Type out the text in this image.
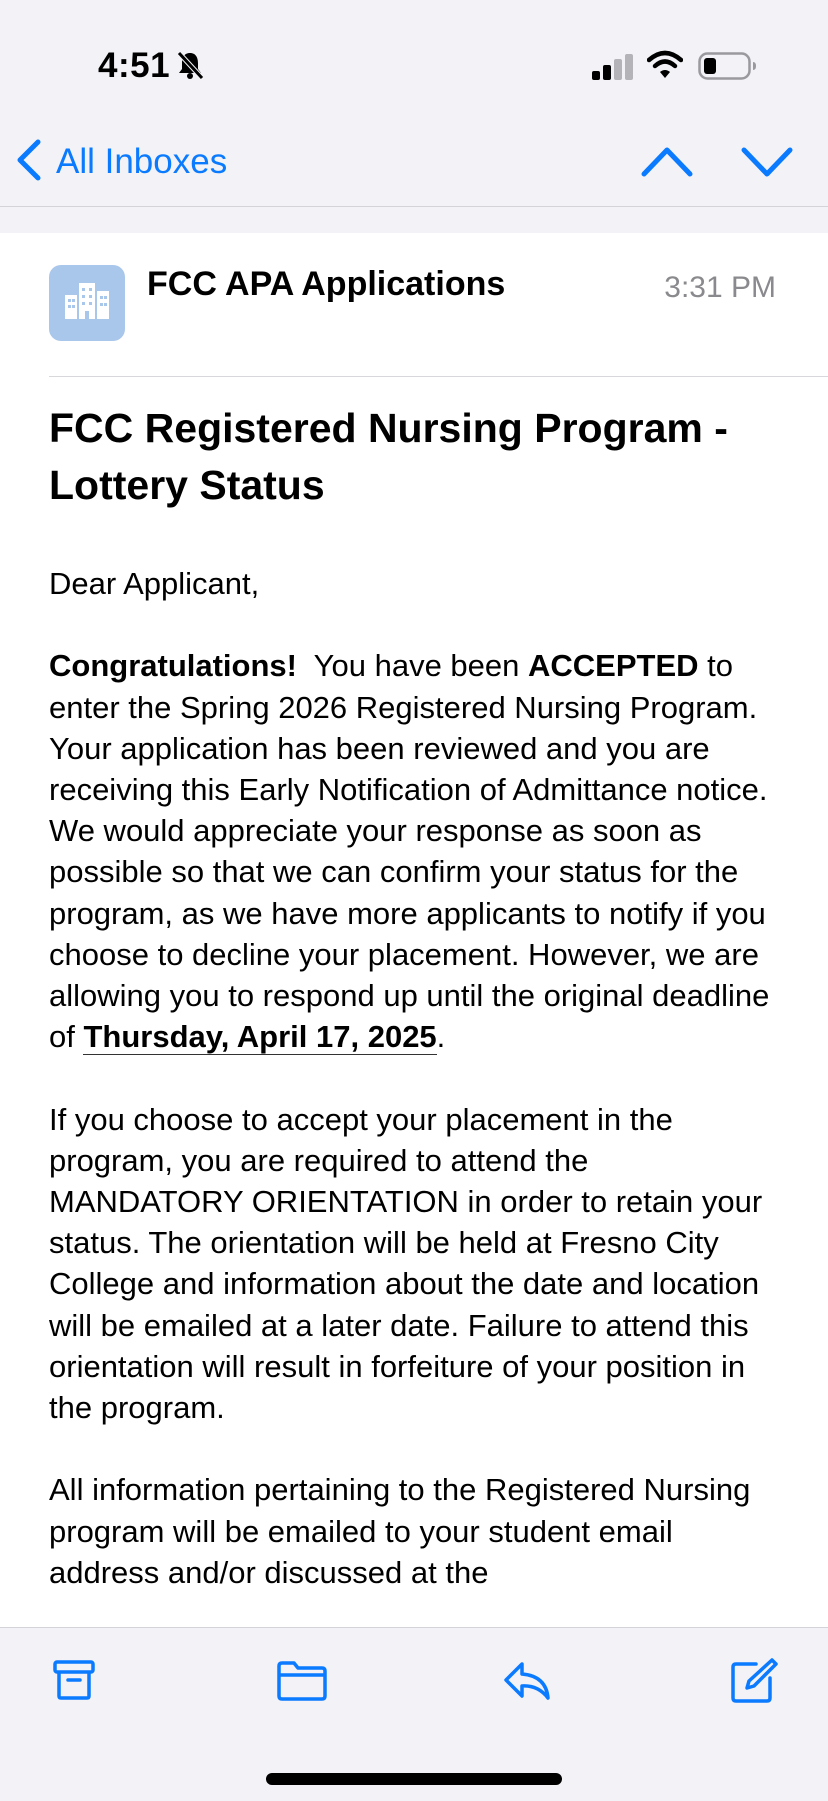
4:51
All Inboxes
FCC APA Applications	3:31 PM
FCC Registered Nursing Program - Lottery Status

Dear Applicant,

Congratulations!  You have been ACCEPTED to enter the Spring 2026 Registered Nursing Program. Your application has been reviewed and you are receiving this Early Notification of Admittance notice. We would appreciate your response as soon as possible so that we can confirm your status for the program, as we have more applicants to notify if you choose to decline your placement. However, we are allowing you to respond up until the original deadline of Thursday, April 17, 2025.

If you choose to accept your placement in the program, you are required to attend the MANDATORY ORIENTATION in order to retain your status. The orientation will be held at Fresno City College and information about the date and location will be emailed at a later date. Failure to attend this orientation will result in forfeiture of your position in the program.

All information pertaining to the Registered Nursing program will be emailed to your student email address and/or discussed at the
